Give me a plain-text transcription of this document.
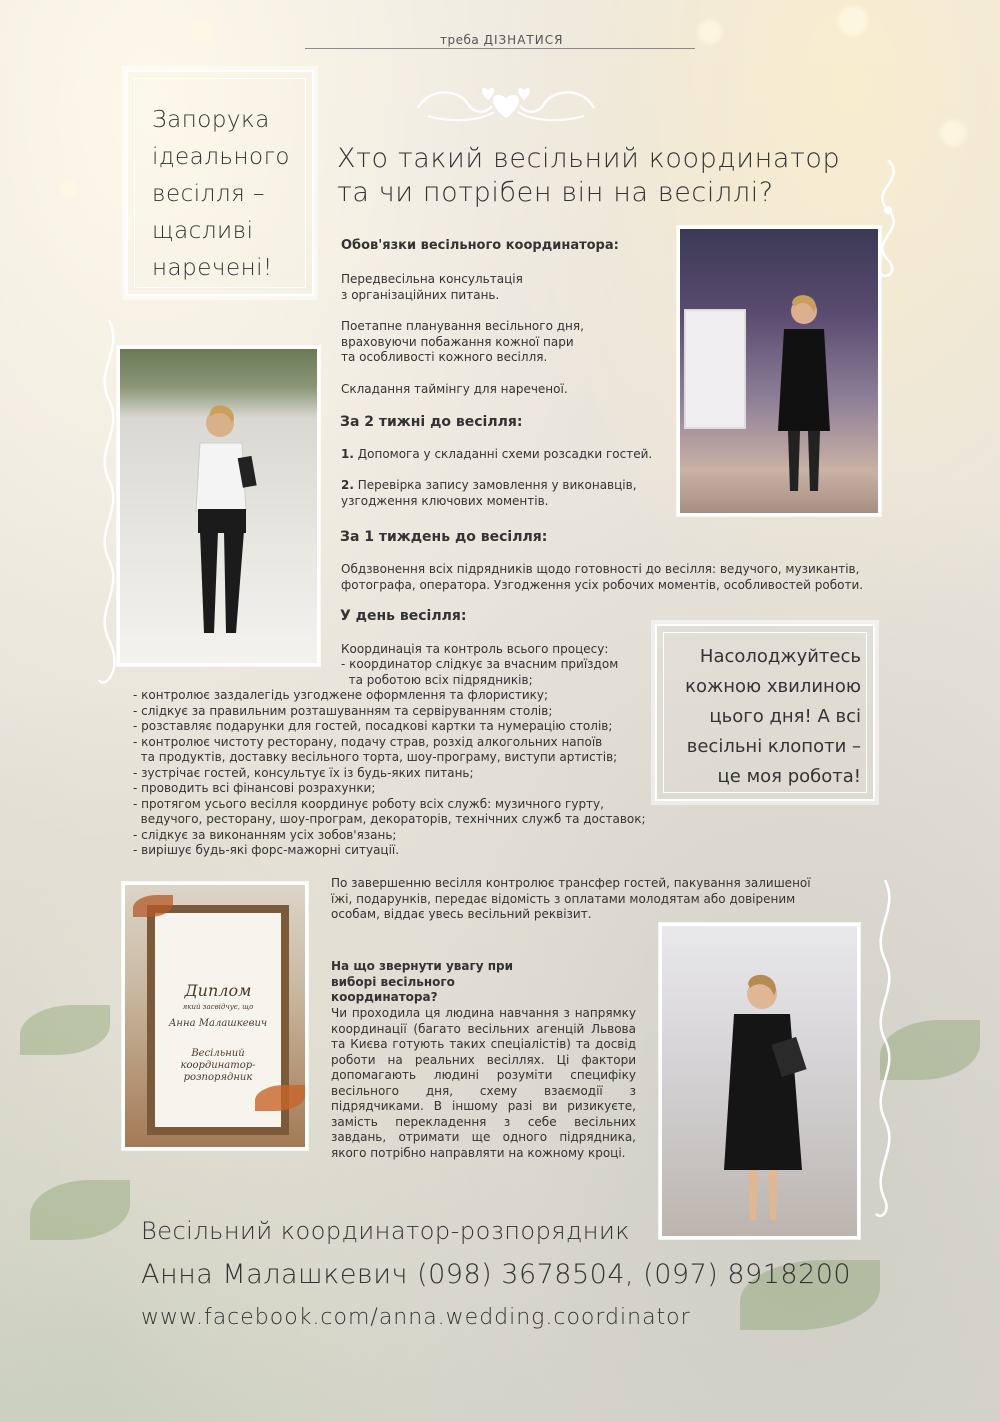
треба ДІЗНАТИСЯ

Запорука ідеального весілля – щасливі наречені!

Хто такий весільний координатор та чи потрібен він на весіллі?
Обов'язки весільного координатора:
Передвесільна консультація з організаційних питань.
Поетапне планування весільного дня, враховуючи побажання кожної пари та особливості кожного весілля.
Складання таймінгу для нареченої.
За 2 тижні до весілля:
1. Допомога у складанні схеми розсадки гостей.
2. Перевірка запису замовлення у виконавців, узгодження ключових моментів.
За 1 тиждень до весілля:
Обдзвонення всіх підрядників щодо готовності до весілля: ведучого, музикантів, фотографа, оператора. Узгодження усіх робочих моментів, особливостей роботи.
У день весілля:
Координація та контроль всього процесу:
- координатор слідкує за вчасним приїздом
та роботою всіх підрядників;
- контролює заздалегідь узгоджене оформлення та флористику;
- слідкує за правильним розташуванням та сервіруванням столів;
- розставляє подарунки для гостей, посадкові картки та нумерацію столів;
- контролює чистоту ресторану, подачу страв, розхід алкогольних напоїв
та продуктів, доставку весільного торта, шоу-програму, виступи артистів;
- зустрічає гостей, консультує їх із будь-яких питань;
- проводить всі фінансові розрахунки;
- протягом усього весілля координує роботу всіх служб: музичного гурту,
ведучого, ресторану, шоу-програм, декораторів, технічних служб та доставок;
- слідкує за виконанням усіх зобов'язань;
- вирішує будь-які форс-мажорні ситуації.

Насолоджуйтесь кожною хвилиною цього дня! А всі весільні клопоти – це моя робота!

По завершенню весілля контролює трансфер гостей, пакування залишеної їжі, подарунків, передає відомість з оплатами молодятам або довіреним особам, віддає увесь весільний реквізит.
На що звернути увагу при виборі весільного координатора?
Чи проходила ця людина навчання з напрямку координації (багато весільних агенцій Львова та Києва готують таких спеціалістів) та досвід роботи на реальних весіллях. Ці фактори допомагають людині розуміти специфіку весільного дня, схему взаємодії з підрядчиками. В іншому разі ви ризикуєте, замість перекладення з себе весільних завдань, отримати ще одного підрядника, якого потрібно направляти на кожному кроці.
Диплом
який засвідчує, що
Анна Малашкевич
Весільний координатор-розпорядник
Весільний координатор-розпорядник
Анна Малашкевич (098) 3678504, (097) 8918200
www.facebook.com/anna.wedding.coordinator
